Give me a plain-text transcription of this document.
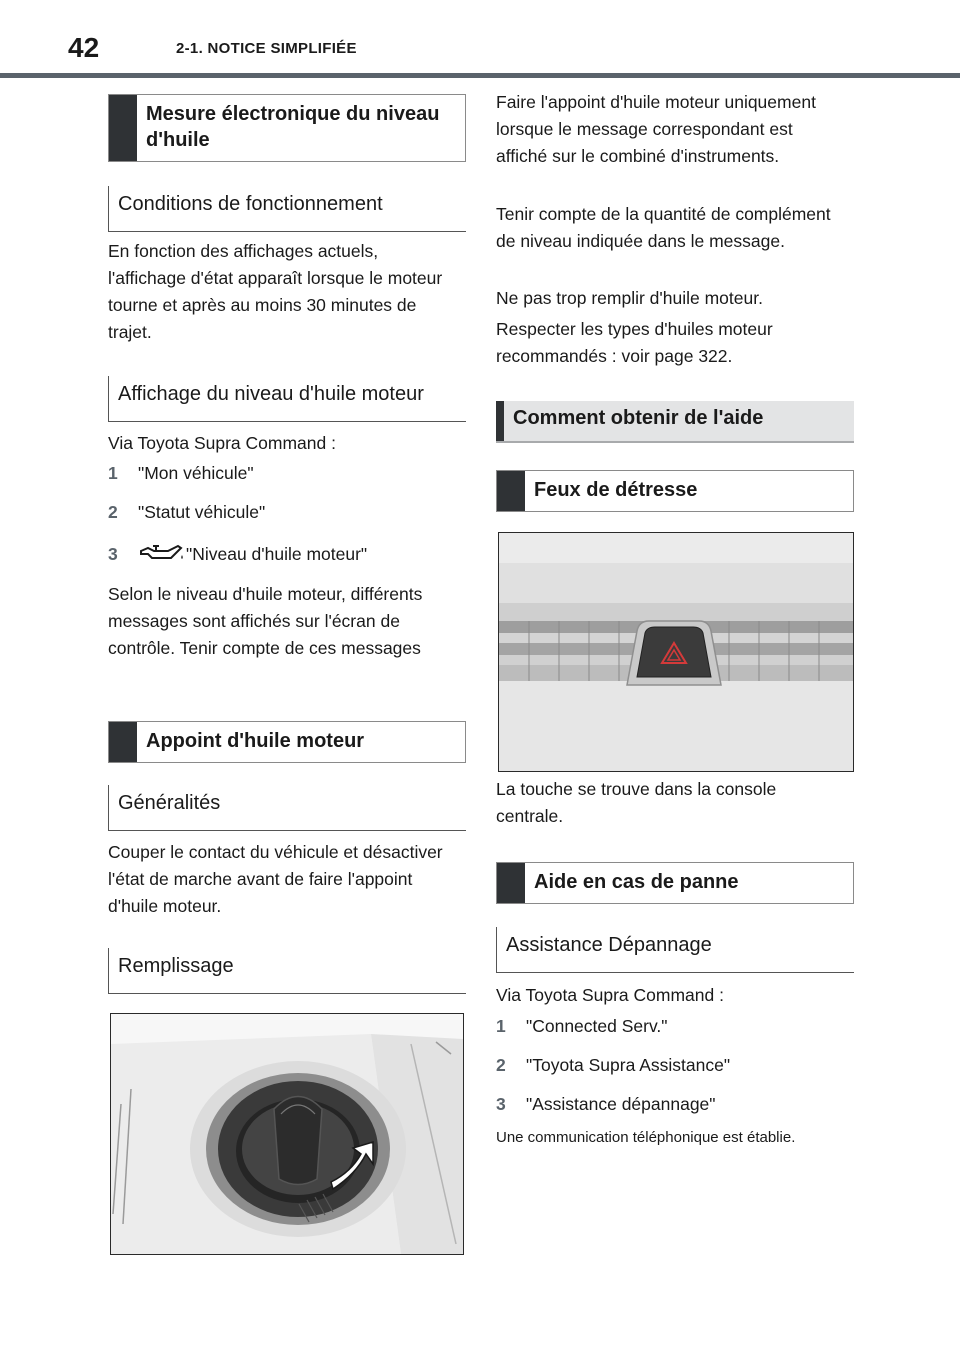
42	2-1. NOTICE SIMPLIFIÉE
Mesure électronique du niveau d'huile
Conditions de fonctionnement
En fonction des affichages actuels, l'affichage d'état apparaît lorsque le moteur tourne et après au moins 30 minutes de trajet.
Affichage du niveau d'huile moteur
Via Toyota Supra Command :
1 "Mon véhicule"
2 "Statut véhicule"
3	"Niveau d'huile moteur"
Selon le niveau d'huile moteur, différents messages sont affichés sur l'écran de contrôle. Tenir compte de ces messages
Appoint d'huile moteur
Généralités
Couper le contact du véhicule et désactiver l'état de marche avant de faire l'appoint d'huile moteur.
Remplissage
Faire l'appoint d'huile moteur uniquement lorsque le message correspondant est affiché sur le combiné d'instruments.
Tenir compte de la quantité de complément de niveau indiquée dans le message.
Ne pas trop remplir d'huile moteur.
Respecter les types d'huiles moteur recommandés : voir page 322.
Comment obtenir de l'aide
Feux de détresse
La touche se trouve dans la console centrale.
Aide en cas de panne
Assistance Dépannage
Via Toyota Supra Command :
1 "Connected Serv."
2 "Toyota Supra Assistance"
3 "Assistance dépannage"
Une communication téléphonique est établie.
